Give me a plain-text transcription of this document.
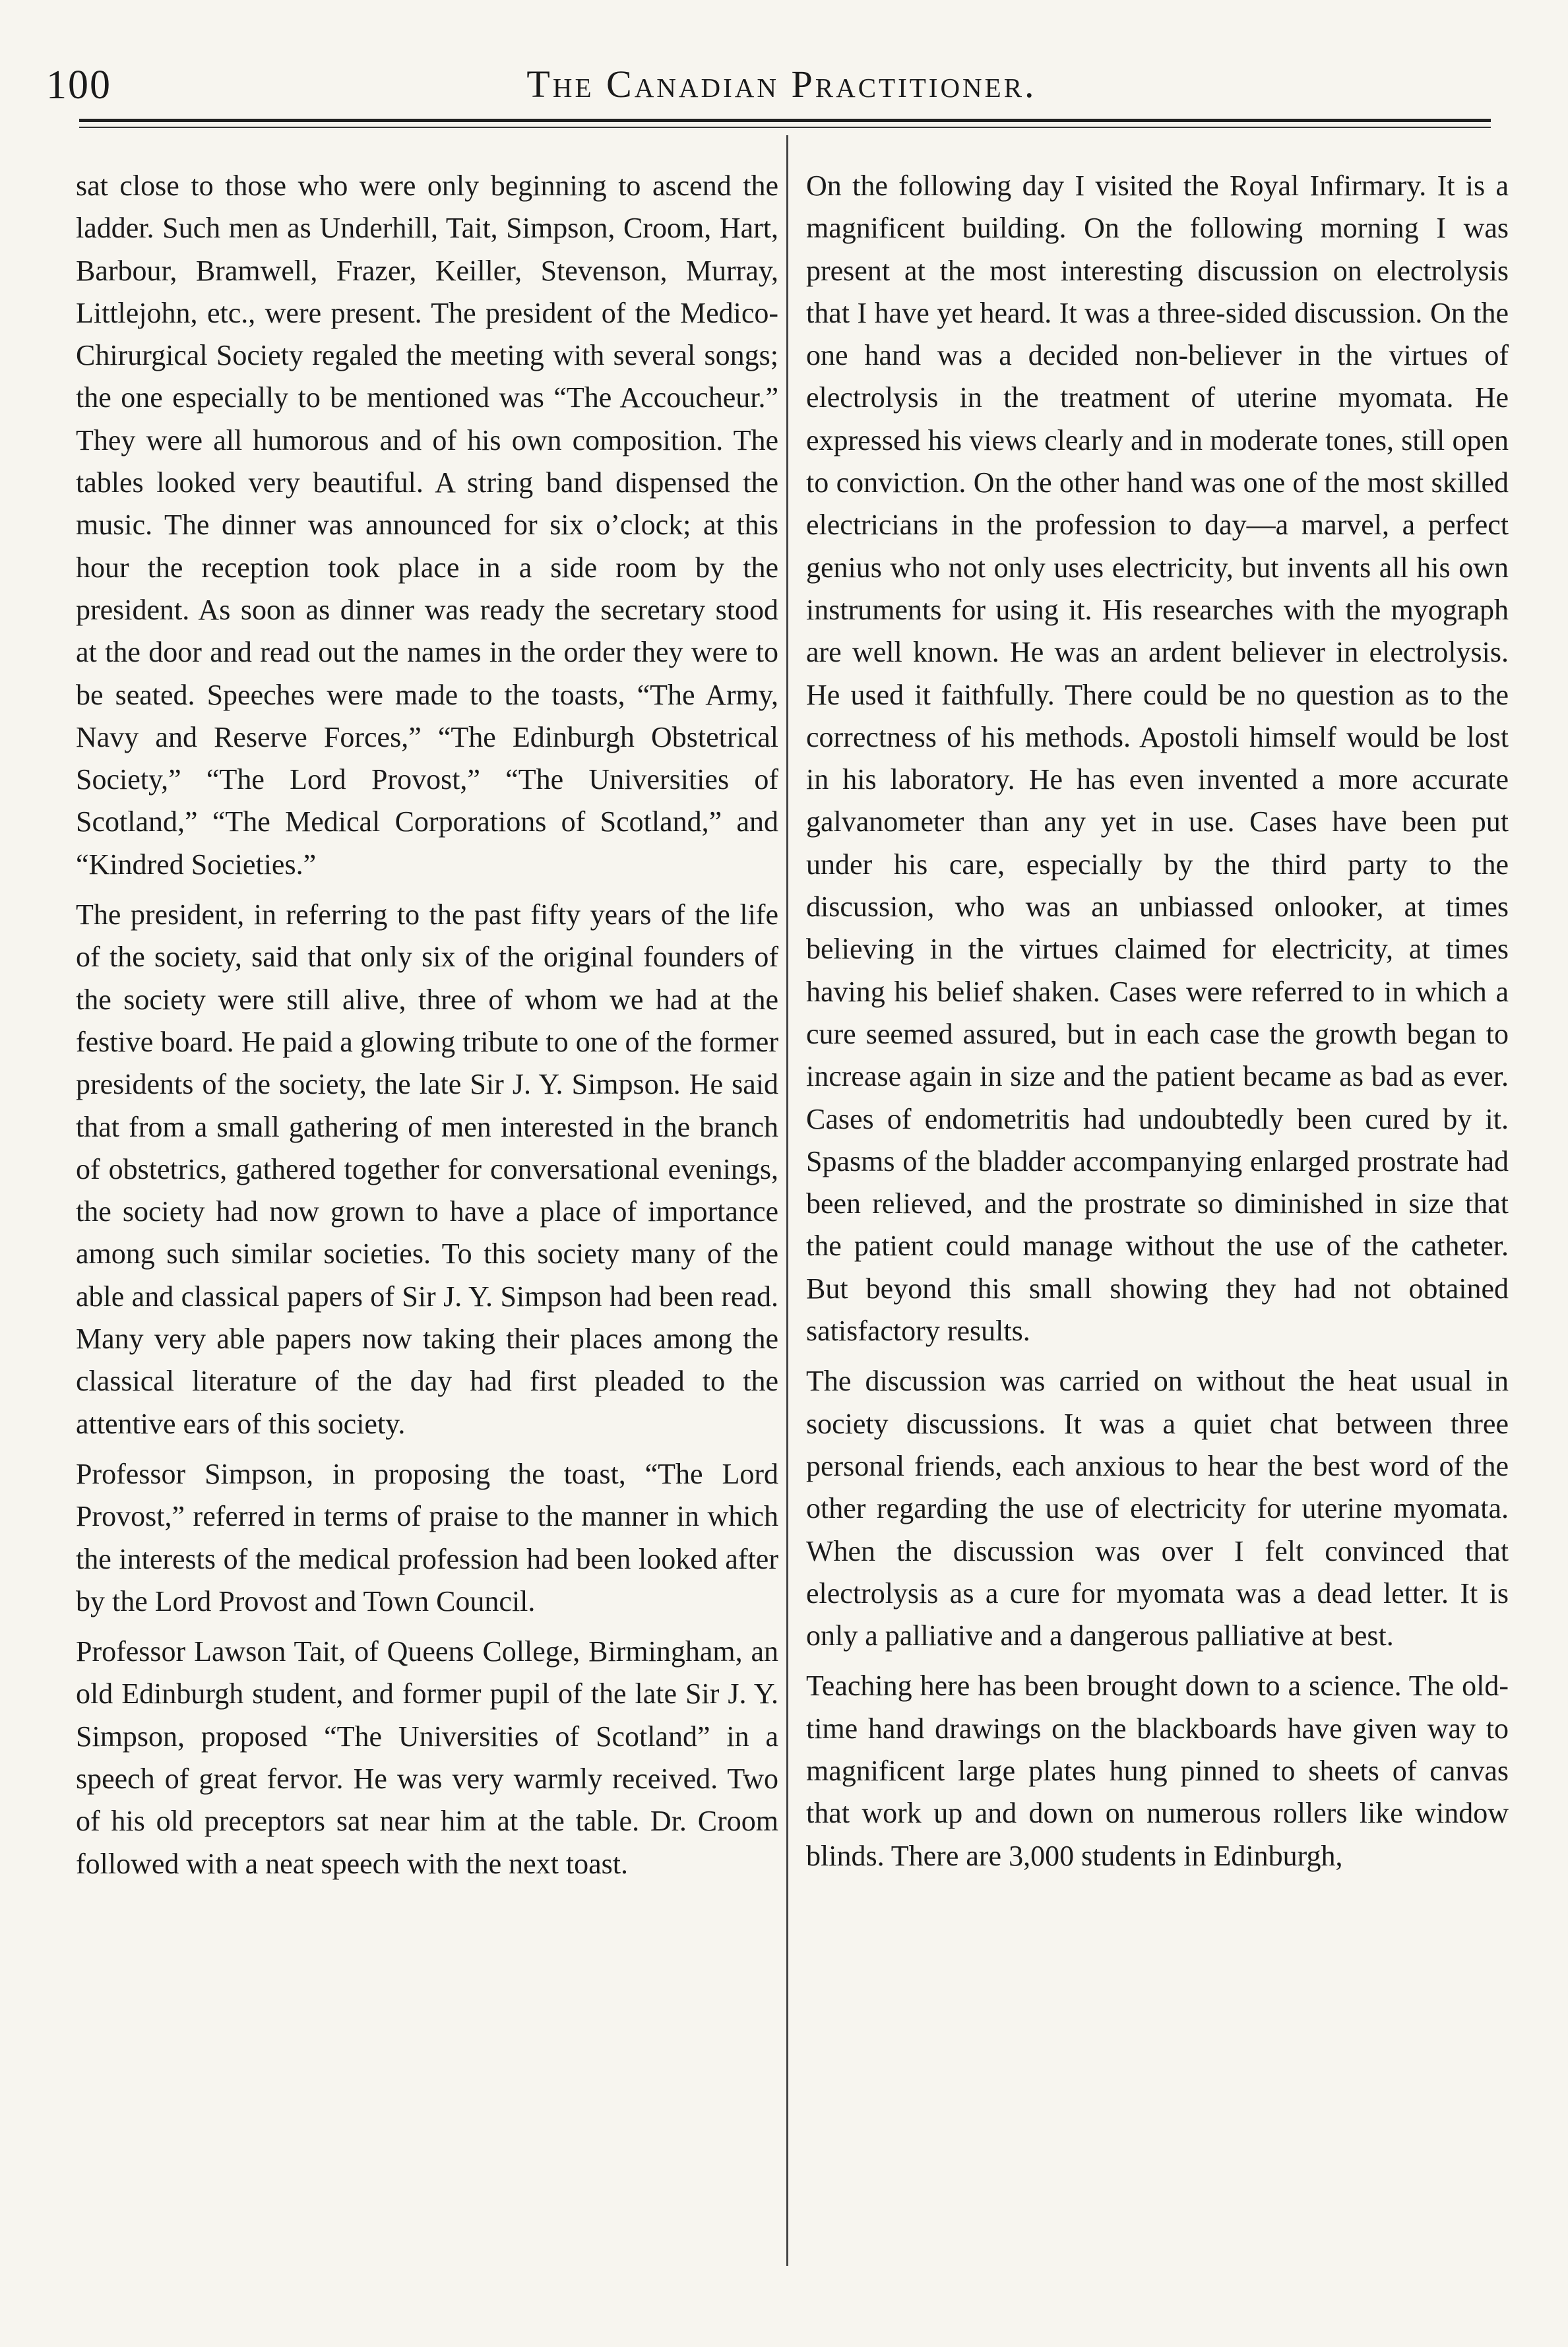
100	The Canadian Practitioner.

sat close to those who were only beginning to ascend the ladder. Such men as Underhill, Tait, Simpson, Croom, Hart, Barbour, Bramwell, Frazer, Keiller, Stevenson, Murray, Littlejohn, etc., were present. The president of the Medico-Chirurgical Society regaled the meeting with several songs; the one especially to be mentioned was “The Accoucheur.” They were all humorous and of his own composition. The tables looked very beautiful. A string band dispensed the music. The dinner was announced for six o’clock; at this hour the reception took place in a side room by the president. As soon as dinner was ready the secretary stood at the door and read out the names in the order they were to be seated. Speeches were made to the toasts, “The Army, Navy and Reserve Forces,” “The Edinburgh Obstetrical Society,” “The Lord Provost,” “The Universities of Scotland,” “The Medical Corporations of Scotland,” and “Kindred Societies.”

The president, in referring to the past fifty years of the life of the society, said that only six of the original founders of the society were still alive, three of whom we had at the festive board. He paid a glowing tribute to one of the former presidents of the society, the late Sir J. Y. Simpson. He said that from a small gathering of men interested in the branch of obstetrics, gathered together for conversational evenings, the society had now grown to have a place of importance among such similar societies. To this society many of the able and classical papers of Sir J. Y. Simpson had been read. Many very able papers now taking their places among the classical literature of the day had first pleaded to the attentive ears of this society.

Professor Simpson, in proposing the toast, “The Lord Provost,” referred in terms of praise to the manner in which the interests of the medical profession had been looked after by the Lord Provost and Town Council.

Professor Lawson Tait, of Queens College, Birmingham, an old Edinburgh student, and former pupil of the late Sir J. Y. Simpson, proposed “The Universities of Scotland” in a speech of great fervor. He was very warmly received. Two of his old preceptors sat near him at the table. Dr. Croom followed with a neat speech with the next toast.

On the following day I visited the Royal Infirmary. It is a magnificent building. On the following morning I was present at the most interesting discussion on electrolysis that I have yet heard. It was a three-sided discussion. On the one hand was a decided non-believer in the virtues of electrolysis in the treatment of uterine myomata. He expressed his views clearly and in moderate tones, still open to conviction. On the other hand was one of the most skilled electricians in the profession to day—a marvel, a perfect genius who not only uses electricity, but invents all his own instruments for using it. His researches with the myograph are well known. He was an ardent believer in electrolysis. He used it faithfully. There could be no question as to the correctness of his methods. Apostoli himself would be lost in his laboratory. He has even invented a more accurate galvanometer than any yet in use. Cases have been put under his care, especially by the third party to the discussion, who was an unbiassed onlooker, at times believing in the virtues claimed for electricity, at times having his belief shaken. Cases were referred to in which a cure seemed assured, but in each case the growth began to increase again in size and the patient became as bad as ever. Cases of endometritis had undoubtedly been cured by it. Spasms of the bladder accompanying enlarged prostrate had been relieved, and the prostrate so diminished in size that the patient could manage without the use of the catheter. But beyond this small showing they had not obtained satisfactory results.

The discussion was carried on without the heat usual in society discussions. It was a quiet chat between three personal friends, each anxious to hear the best word of the other regarding the use of electricity for uterine myomata. When the discussion was over I felt convinced that electrolysis as a cure for myomata was a dead letter. It is only a palliative and a dangerous palliative at best.

Teaching here has been brought down to a science. The old-time hand drawings on the blackboards have given way to magnificent large plates hung pinned to sheets of canvas that work up and down on numerous rollers like window blinds. There are 3,000 students in Edinburgh,
